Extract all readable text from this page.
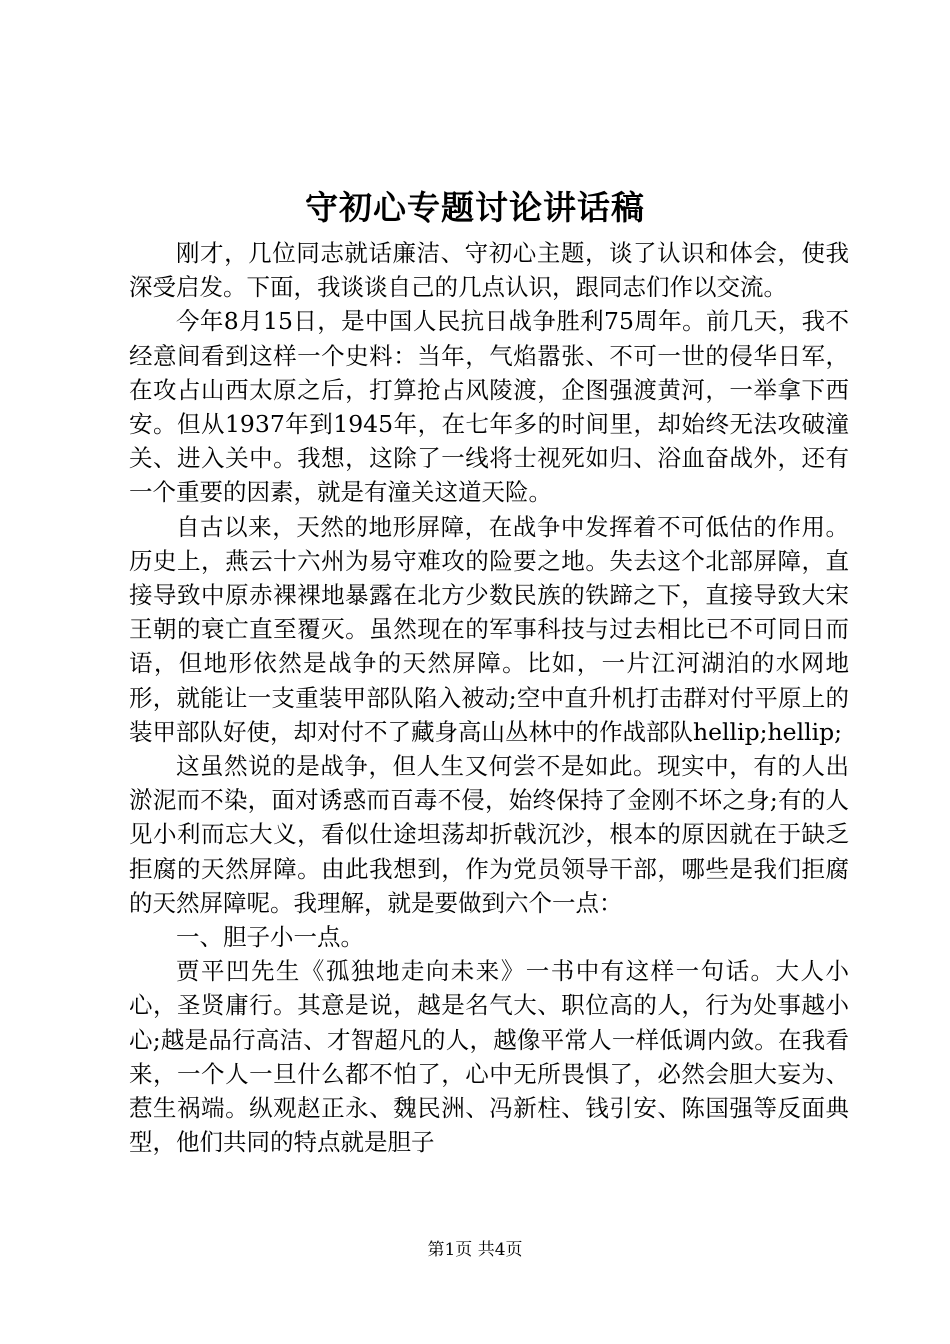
守初心专题讨论讲话稿

刚才，几位同志就话廉洁、守初心主题，谈了认识和体会，使我深受启发。下面，我谈谈自己的几点认识，跟同志们作以交流。

今年8月15日，是中国人民抗日战争胜利75周年。前几天，我不经意间看到这样一个史料：当年，气焰嚣张、不可一世的侵华日军，在攻占山西太原之后，打算抢占风陵渡，企图强渡黄河，一举拿下西安。但从1937年到1945年，在七年多的时间里，却始终无法攻破潼关、进入关中。我想，这除了一线将士视死如归、浴血奋战外，还有一个重要的因素，就是有潼关这道天险。

自古以来，天然的地形屏障，在战争中发挥着不可低估的作用。历史上，燕云十六州为易守难攻的险要之地。失去这个北部屏障，直接导致中原赤裸裸地暴露在北方少数民族的铁蹄之下，直接导致大宋王朝的衰亡直至覆灭。虽然现在的军事科技与过去相比已不可同日而语，但地形依然是战争的天然屏障。比如，一片江河湖泊的水网地形，就能让一支重装甲部队陷入被动;空中直升机打击群对付平原上的装甲部队好使，却对付不了藏身高山丛林中的作战部队hellip;hellip;

这虽然说的是战争，但人生又何尝不是如此。现实中，有的人出淤泥而不染，面对诱惑而百毒不侵，始终保持了金刚不坏之身;有的人见小利而忘大义，看似仕途坦荡却折戟沉沙，根本的原因就在于缺乏拒腐的天然屏障。由此我想到，作为党员领导干部，哪些是我们拒腐的天然屏障呢。我理解，就是要做到六个一点：

一、胆子小一点。

贾平凹先生《孤独地走向未来》一书中有这样一句话。大人小心，圣贤庸行。其意是说，越是名气大、职位高的人，行为处事越小心;越是品行高洁、才智超凡的人，越像平常人一样低调内敛。在我看来，一个人一旦什么都不怕了，心中无所畏惧了，必然会胆大妄为、惹生祸端。纵观赵正永、魏民洲、冯新柱、钱引安、陈国强等反面典型，他们共同的特点就是胆子

第1页 共4页
